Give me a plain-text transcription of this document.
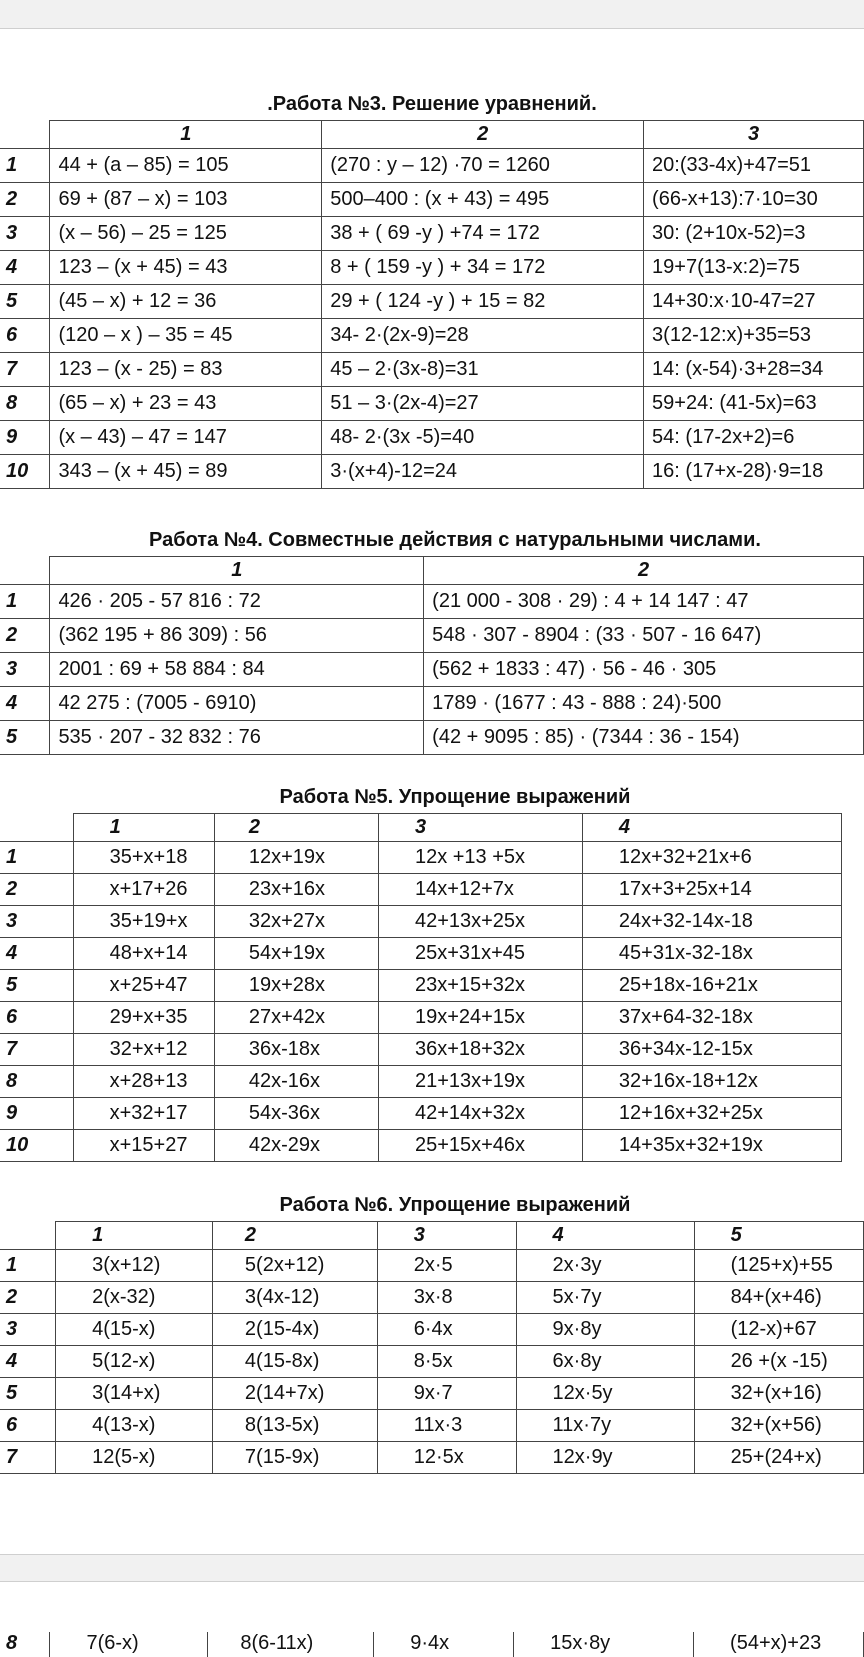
.Работа №3. Решение уравнений.
	1	2	3
1	44 + (а – 85) = 105	(270 : у – 12) ·70 = 1260	20:(33-4х)+47=51
2	69 + (87 – х) = 103	500–400 : (х + 43) = 495	(66-х+13):7·10=30
3	(х – 56) – 25 = 125	38 + ( 69 -у ) +74 = 172	30: (2+10х-52)=3
4	123 – (х + 45) = 43	8 + ( 159 -у ) + 34 = 172	19+7(13-х:2)=75
5	(45 – х) + 12 = 36	29 + ( 124 -у ) + 15 = 82	14+30:х·10-47=27
6	(120 – х ) – 35 = 45	34- 2·(2х-9)=28	3(12-12:х)+35=53
7	123 – (х - 25) = 83	45 – 2·(3х-8)=31	14: (х-54)·3+28=34
8	(65 – х) + 23 = 43	51 – 3·(2х-4)=27	59+24: (41-5х)=63
9	(х – 43) – 47 = 147	48- 2·(3х -5)=40	54: (17-2х+2)=6
10	343 – (х + 45) = 89	3·(х+4)-12=24	16: (17+х-28)·9=18
Работа №4. Совместные действия с натуральными числами.
	1	2
1	426 · 205 - 57 816 : 72	(21 000 - 308 · 29) : 4 + 14 147 : 47
2	(362 195 + 86 309) : 56	548 · 307 - 8904 : (33 · 507 - 16 647)
3	2001 : 69 + 58 884 : 84	(562 + 1833 : 47) · 56 - 46 · 305
4	42 275 : (7005 - 6910)	1789 · (1677 : 43 - 888 : 24)·500
5	535 · 207 - 32 832 : 76	(42 + 9095 : 85) · (7344 : 36 - 154)
Работа №5. Упрощение выражений
	1	2	3	4
1	35+х+18	12х+19х	12х +13 +5х	12х+32+21х+6
2	х+17+26	23х+16х	14х+12+7х	17х+3+25х+14
3	35+19+х	32х+27х	42+13х+25х	24х+32-14х-18
4	48+х+14	54х+19х	25х+31х+45	45+31х-32-18х
5	х+25+47	19х+28х	23х+15+32х	25+18х-16+21х
6	29+х+35	27х+42х	19х+24+15х	37х+64-32-18х
7	32+х+12	36х-18х	36х+18+32х	36+34х-12-15х
8	х+28+13	42х-16х	21+13х+19х	32+16х-18+12х
9	х+32+17	54х-36х	42+14х+32х	12+16х+32+25х
10	х+15+27	42х-29х	25+15х+46х	14+35х+32+19х
Работа №6. Упрощение выражений
	1	2	3	4	5
1	3(х+12)	5(2х+12)	2х·5	2х·3у	(125+х)+55
2	2(х-32)	3(4х-12)	3х·8	5х·7у	84+(х+46)
3	4(15-х)	2(15-4х)	6·4х	9х·8у	(12-х)+67
4	5(12-х)	4(15-8х)	8·5х	6х·8у	26 +(х -15)
5	3(14+х)	2(14+7х)	9х·7	12х·5у	32+(х+16)
6	4(13-х)	8(13-5х)	11х·3	11х·7у	32+(х+56)
7	12(5-х)	7(15-9х)	12·5х	12х·9у	25+(24+х)
8	7(6-х)	8(6-11х)	9·4х	15х·8у	(54+х)+23
